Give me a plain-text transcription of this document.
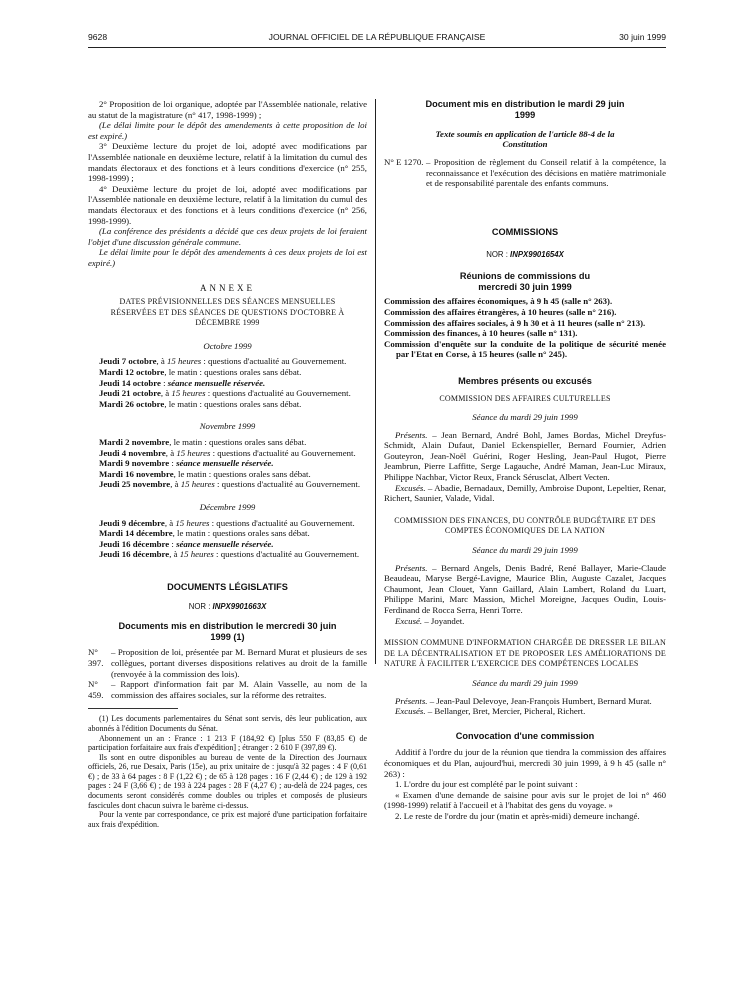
9628	JOURNAL OFFICIEL DE LA RÉPUBLIQUE FRANÇAISE	30 juin 1999

2° Proposition de loi organique, adoptée par l'Assemblée nationale, relative au statut de la magistrature (n° 417, 1998-1999) ;

(Le délai limite pour le dépôt des amendements à cette proposition de loi est expiré.)

3° Deuxième lecture du projet de loi, adopté avec modifications par l'Assemblée nationale en deuxième lecture, relatif à la limitation du cumul des mandats électoraux et des fonctions et à leurs conditions d'exercice (n° 255, 1998-1999) ;

4° Deuxième lecture du projet de loi, adopté avec modifications par l'Assemblée nationale en deuxième lecture, relatif à la limitation du cumul des mandats électoraux et des fonctions et à leurs conditions d'exercice (n° 256, 1998-1999).

(La conférence des présidents a décidé que ces deux projets de loi feraient l'objet d'une discussion générale commune.

Le délai limite pour le dépôt des amendements à ces deux projets de loi est expiré.)

ANNEXE

DATES PRÉVISIONNELLES DES SÉANCES MENSUELLES RÉSERVÉES ET DES SÉANCES DE QUESTIONS D'OCTOBRE À DÉCEMBRE 1999

Octobre 1999

Jeudi 7 octobre, à 15 heures : questions d'actualité au Gouvernement.

Mardi 12 octobre, le matin : questions orales sans débat.

Jeudi 14 octobre : séance mensuelle réservée.

Jeudi 21 octobre, à 15 heures : questions d'actualité au Gouvernement.

Mardi 26 octobre, le matin : questions orales sans débat.

Novembre 1999

Mardi 2 novembre, le matin : questions orales sans débat.

Jeudi 4 novembre, à 15 heures : questions d'actualité au Gouvernement.

Mardi 9 novembre : séance mensuelle réservée.

Mardi 16 novembre, le matin : questions orales sans débat.

Jeudi 25 novembre, à 15 heures : questions d'actualité au Gouvernement.

Décembre 1999

Jeudi 9 décembre, à 15 heures : questions d'actualité au Gouvernement.

Mardi 14 décembre, le matin : questions orales sans débat.

Jeudi 16 décembre : séance mensuelle réservée.

Jeudi 16 décembre, à 15 heures : questions d'actualité au Gouvernement.

DOCUMENTS LÉGISLATIFS

NOR : INPX9901663X

Documents mis en distribution le mercredi 30 juin 1999 (1)

N° 397.
– Proposition de loi, présentée par M. Bernard Murat et plusieurs de ses collègues, portant diverses dispositions relatives au droit de la famille (renvoyée à la commission des lois).
N° 459.
– Rapport d'information fait par M. Alain Vasselle, au nom de la commission des affaires sociales, sur la réforme des retraites.

(1) Les documents parlementaires du Sénat sont servis, dès leur publication, aux abonnés à l'édition Documents du Sénat.

Abonnement un an : France : 1 213 F (184,92 €) [plus 550 F (83,85 €) de participation forfaitaire aux frais d'expédition] ; étranger : 2 610 F (397,89 €).

Ils sont en outre disponibles au bureau de vente de la Direction des Journaux officiels, 26, rue Desaix, Paris (15e), au prix unitaire de : jusqu'à 32 pages : 4 F (0,61 €) ; de 33 à 64 pages : 8 F (1,22 €) ; de 65 à 128 pages : 16 F (2,44 €) ; de 129 à 192 pages : 24 F (3,66 €) ; de 193 à 224 pages : 28 F (4,27 €) ; au-delà de 224 pages, ces documents seront considérés comme doubles ou triples et composés de plusieurs fascicules dont chacun suivra le barème ci-dessus.

Pour la vente par correspondance, ce prix est majoré d'une participation forfaitaire aux frais d'expédition.

Document mis en distribution le mardi 29 juin 1999

Texte soumis en application de l'article 88-4 de la Constitution

N° E 1270. – Proposition de règlement du Conseil relatif à la compétence, la reconnaissance et l'exécution des décisions en matière matrimoniale et de responsabilité parentale des enfants communs.

COMMISSIONS

NOR : INPX9901654X

Réunions de commissions du mercredi 30 juin 1999

Commission des affaires économiques, à 9 h 45 (salle n° 263).

Commission des affaires étrangères, à 10 heures (salle n° 216).

Commission des affaires sociales, à 9 h 30 et à 11 heures (salle n° 213).

Commission des finances, à 10 heures (salle n° 131).

Commission d'enquête sur la conduite de la politique de sécurité menée par l'Etat en Corse, à 15 heures (salle n° 245).

Membres présents ou excusés

COMMISSION DES AFFAIRES CULTURELLES

Séance du mardi 29 juin 1999

Présents. – Jean Bernard, André Bohl, James Bordas, Michel Dreyfus-Schmidt, Alain Dufaut, Daniel Eckenspieller, Bernard Fournier, Adrien Gouteyron, Jean-Noël Guérini, Roger Hesling, Jean-Paul Hugot, Pierre Jeambrun, Pierre Laffitte, Serge Lagauche, André Maman, Jean-Luc Miraux, Philippe Nachbar, Victor Reux, Franck Sérusclat, Albert Vecten.

Excusés. – Abadie, Bernadaux, Demilly, Ambroise Dupont, Lepeltier, Renar, Richert, Saunier, Valade, Vidal.

COMMISSION DES FINANCES, DU CONTRÔLE BUDGÉTAIRE ET DES COMPTES ÉCONOMIQUES DE LA NATION

Séance du mardi 29 juin 1999

Présents. – Bernard Angels, Denis Badré, René Ballayer, Marie-Claude Beaudeau, Maryse Bergé-Lavigne, Maurice Blin, Auguste Cazalet, Jacques Chaumont, Jean Clouet, Yann Gaillard, Alain Lambert, Roland du Luart, Philippe Marini, Marc Massion, Michel Moreigne, Jacques Oudin, Louis-Ferdinand de Rocca Serra, Henri Torre.

Excusé. – Joyandet.

MISSION COMMUNE D'INFORMATION CHARGÉE DE DRESSER LE BILAN DE LA DÉCENTRALISATION ET DE PROPOSER LES AMÉLIORATIONS DE NATURE À FACILITER L'EXERCICE DES COMPÉTENCES LOCALES

Séance du mardi 29 juin 1999

Présents. – Jean-Paul Delevoye, Jean-François Humbert, Bernard Murat.

Excusés. – Bellanger, Bret, Mercier, Picheral, Richert.

Convocation d'une commission

Additif à l'ordre du jour de la réunion que tiendra la commission des affaires économiques et du Plan, aujourd'hui, mercredi 30 juin 1999, à 9 h 45 (salle n° 263) :

1. L'ordre du jour est complété par le point suivant :

« Examen d'une demande de saisine pour avis sur le projet de loi n° 460 (1998-1999) relatif à l'accueil et à l'habitat des gens du voyage. »

2. Le reste de l'ordre du jour (matin et après-midi) demeure inchangé.
